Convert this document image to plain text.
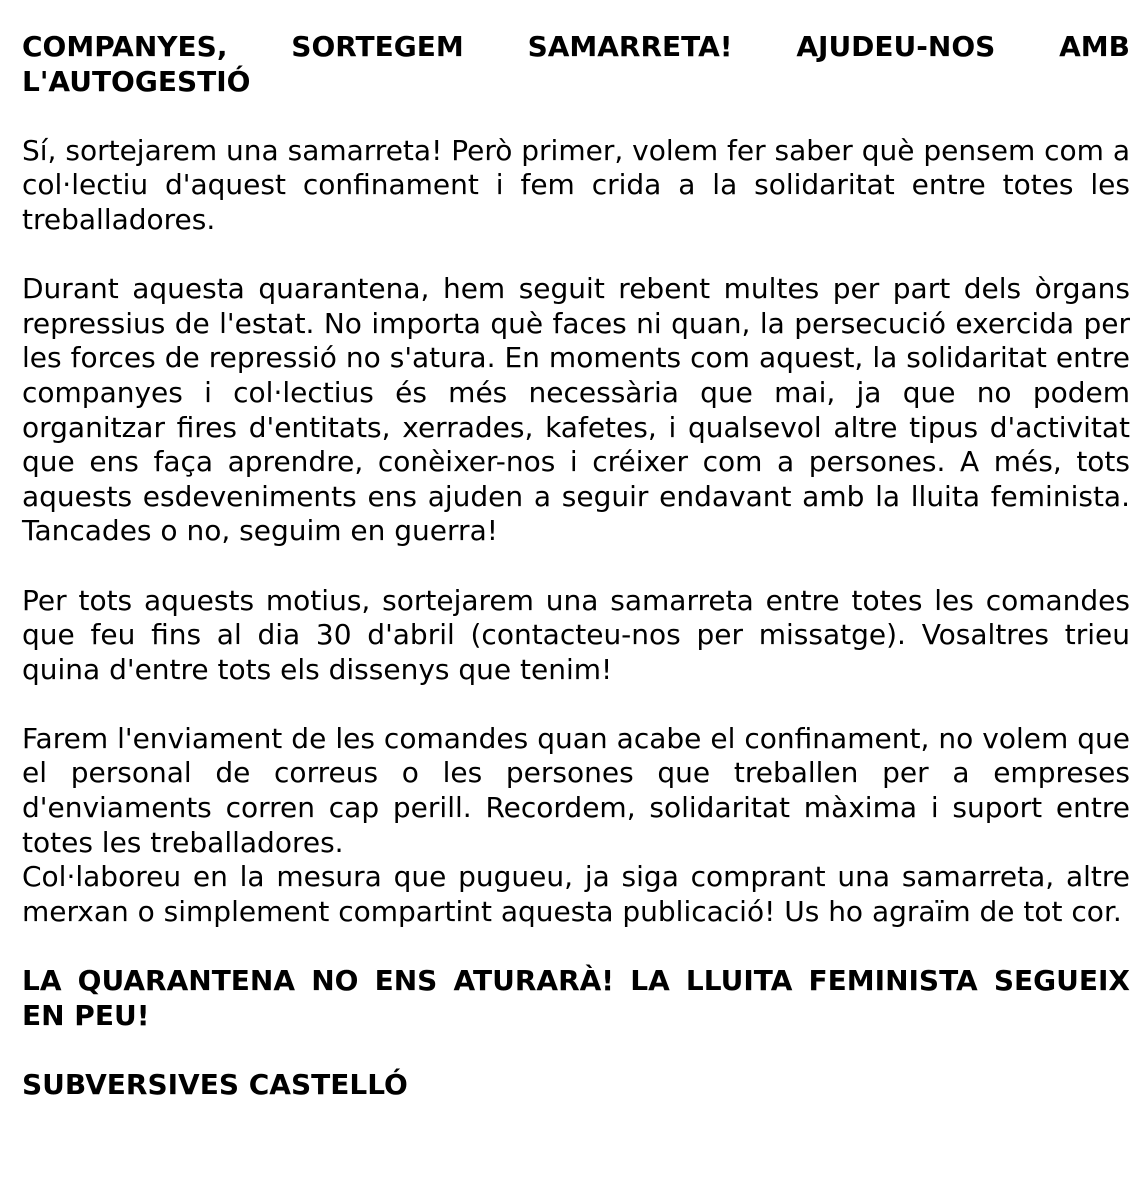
COMPANYES, SORTEGEM SAMARRETA! AJUDEU-NOS AMB L'AUTOGESTIÓ

Sí, sortejarem una samarreta! Però primer, volem fer saber què pensem com a col·lectiu d'aquest confinament i fem crida a la solidaritat entre totes les treballadores.

Durant aquesta quarantena, hem seguit rebent multes per part dels òrgans repressius de l'estat. No importa què faces ni quan, la persecució exercida per les forces de repressió no s'atura. En moments com aquest, la solidaritat entre companyes i col·lectius és més necessària que mai, ja que no podem organitzar fires d'entitats, xerrades, kafetes, i qualsevol altre tipus d'activitat que ens faça aprendre, conèixer-nos i créixer com a persones. A més, tots aquests esdeveniments ens ajuden a seguir endavant amb la lluita feminista. Tancades o no, seguim en guerra!

Per tots aquests motius, sortejarem una samarreta entre totes les comandes que feu fins al dia 30 d'abril (contacteu-nos per missatge). Vosaltres trieu quina d'entre tots els dissenys que tenim!

Farem l'enviament de les comandes quan acabe el confinament, no volem que el personal de correus o les persones que treballen per a empreses d'enviaments corren cap perill. Recordem, solidaritat màxima i suport entre totes les treballadores.

Col·laboreu en la mesura que pugueu, ja siga comprant una samarreta, altre merxan o simplement compartint aquesta publicació! Us ho agraïm de tot cor.

LA QUARANTENA NO ENS ATURARÀ! LA LLUITA FEMINISTA SEGUEIX EN PEU!

SUBVERSIVES CASTELLÓ
